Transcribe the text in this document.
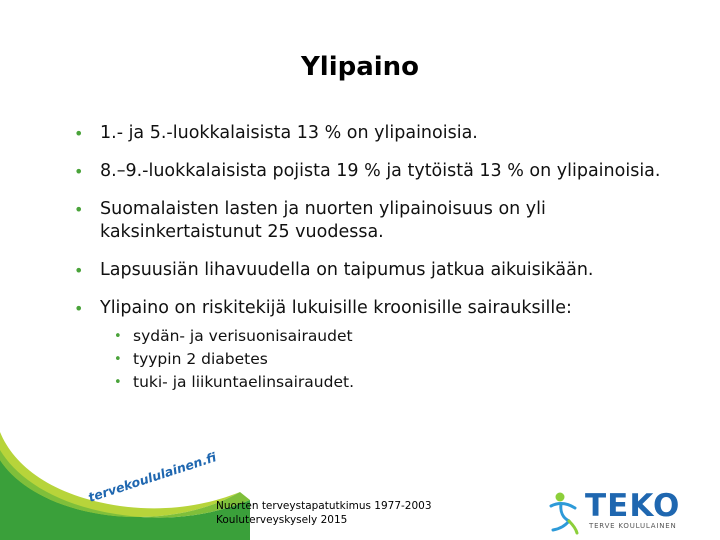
Ylipaino
• 1.- ja 5.-luokkalaisista 13 % on ylipainoisia.
• 8.–9.-luokkalaisista pojista 19 % ja tytöistä 13 % on ylipainoisia.
• Suomalaisten lasten ja nuorten ylipainoisuus on yli kaksinkertaistunut 25 vuodessa.
• Lapsuusiän lihavuudella on taipumus jatkua aikuisikään.
• Ylipaino on riskitekijä lukuisille kroonisille sairauksille:
• sydän- ja verisuonisairaudet
• tyypin 2 diabetes
• tuki- ja liikuntaelinsairaudet.
tervekoululainen.fi
Nuorten terveystapatutkimus 1977-2003
Kouluterveyskysely 2015	TEKO
TERVE KOULULAINEN
